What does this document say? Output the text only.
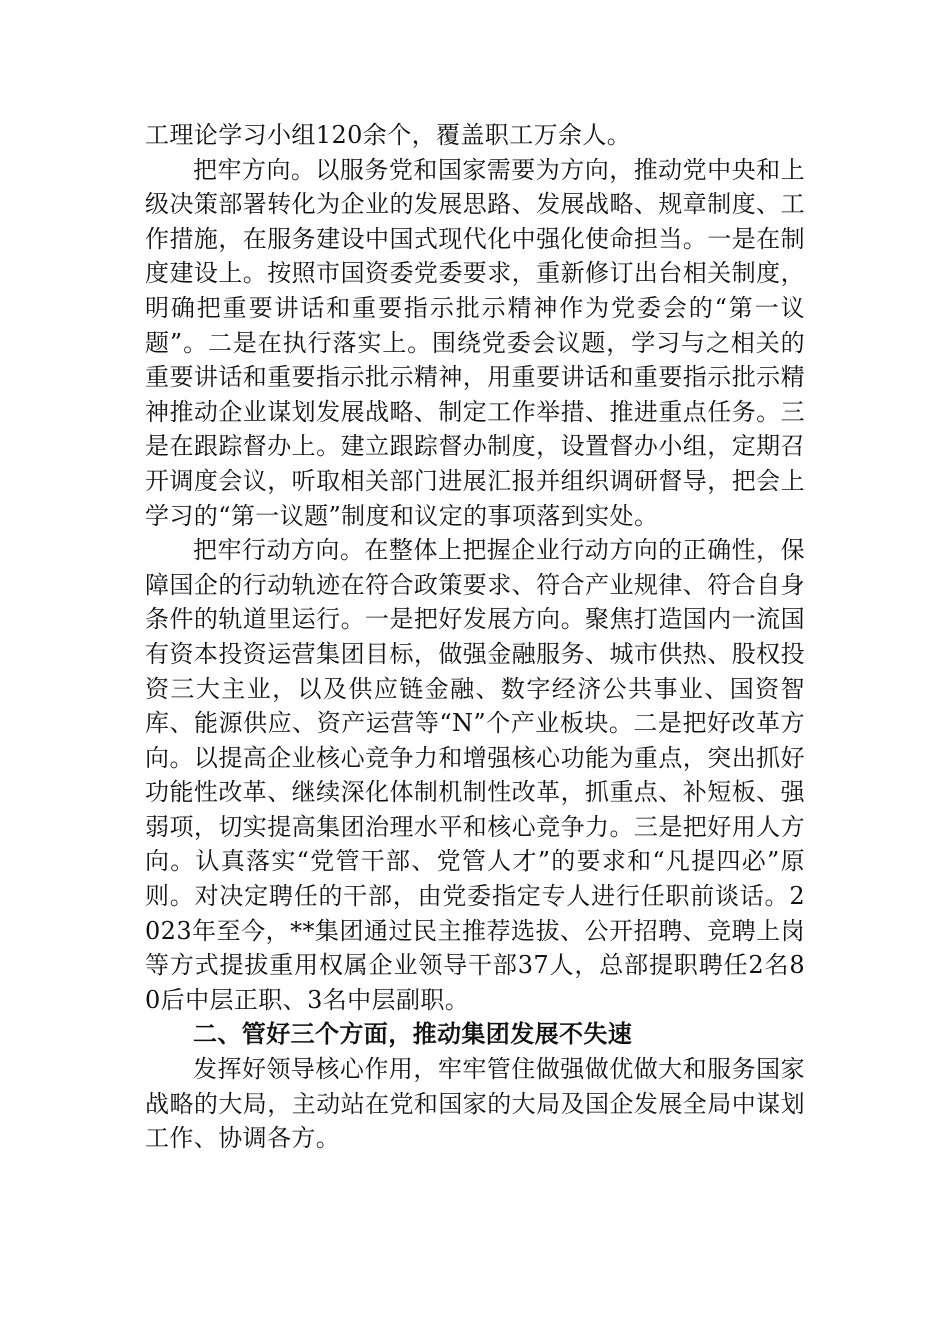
工理论学习小组120余个，覆盖职工万余人。

把牢方向。以服务党和国家需要为方向，推动党中央和上级决策部署转化为企业的发展思路、发展战略、规章制度、工作措施，在服务建设中国式现代化中强化使命担当。一是在制度建设上。按照市国资委党委要求，重新修订出台相关制度，明确把重要讲话和重要指示批示精神作为党委会的“第一议题”。二是在执行落实上。围绕党委会议题，学习与之相关的重要讲话和重要指示批示精神，用重要讲话和重要指示批示精神推动企业谋划发展战略、制定工作举措、推进重点任务。三是在跟踪督办上。建立跟踪督办制度，设置督办小组，定期召开调度会议，听取相关部门进展汇报并组织调研督导，把会上学习的“第一议题”制度和议定的事项落到实处。

把牢行动方向。在整体上把握企业行动方向的正确性，保障国企的行动轨迹在符合政策要求、符合产业规律、符合自身条件的轨道里运行。一是把好发展方向。聚焦打造国内一流国有资本投资运营集团目标，做强金融服务、城市供热、股权投资三大主业，以及供应链金融、数字经济公共事业、国资智库、能源供应、资产运营等“N”个产业板块。二是把好改革方向。以提高企业核心竞争力和增强核心功能为重点，突出抓好功能性改革、继续深化体制机制性改革，抓重点、补短板、强弱项，切实提高集团治理水平和核心竞争力。三是把好用人方向。认真落实“党管干部、党管人才”的要求和“凡提四必”原则。对决定聘任的干部，由党委指定专人进行任职前谈话。2023年至今，**集团通过民主推荐选拔、公开招聘、竞聘上岗等方式提拔重用权属企业领导干部37人，总部提职聘任2名80后中层正职、3名中层副职。

二、管好三个方面，推动集团发展不失速

发挥好领导核心作用，牢牢管住做强做优做大和服务国家战略的大局，主动站在党和国家的大局及国企发展全局中谋划工作、协调各方。
